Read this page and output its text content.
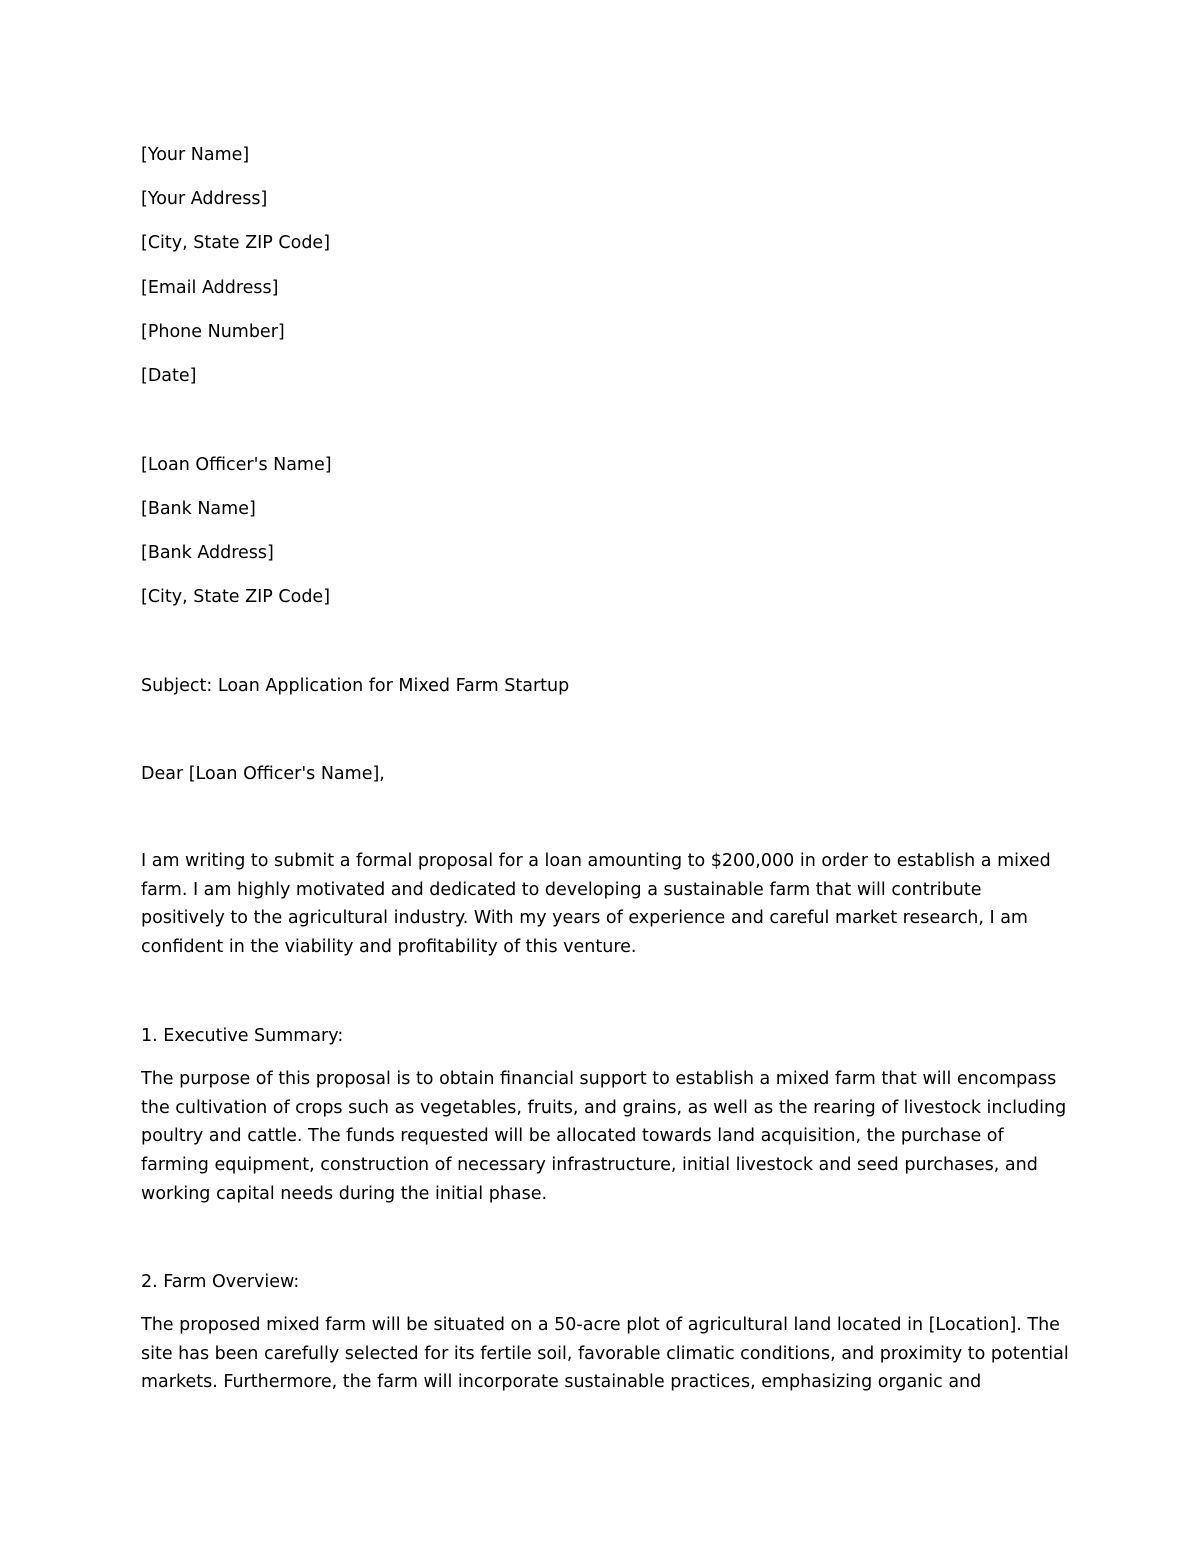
[Your Name]

[Your Address]

[City, State ZIP Code]

[Email Address]

[Phone Number]

[Date]

[Loan Officer's Name]

[Bank Name]

[Bank Address]

[City, State ZIP Code]

Subject: Loan Application for Mixed Farm Startup

Dear [Loan Officer's Name],

I am writing to submit a formal proposal for a loan amounting to $200,000 in order to establish a mixed
farm. I am highly motivated and dedicated to developing a sustainable farm that will contribute
positively to the agricultural industry. With my years of experience and careful market research, I am
confident in the viability and profitability of this venture.

1. Executive Summary:

The purpose of this proposal is to obtain financial support to establish a mixed farm that will encompass
the cultivation of crops such as vegetables, fruits, and grains, as well as the rearing of livestock including
poultry and cattle. The funds requested will be allocated towards land acquisition, the purchase of
farming equipment, construction of necessary infrastructure, initial livestock and seed purchases, and
working capital needs during the initial phase.

2. Farm Overview:

The proposed mixed farm will be situated on a 50-acre plot of agricultural land located in [Location]. The
site has been carefully selected for its fertile soil, favorable climatic conditions, and proximity to potential
markets. Furthermore, the farm will incorporate sustainable practices, emphasizing organic and
